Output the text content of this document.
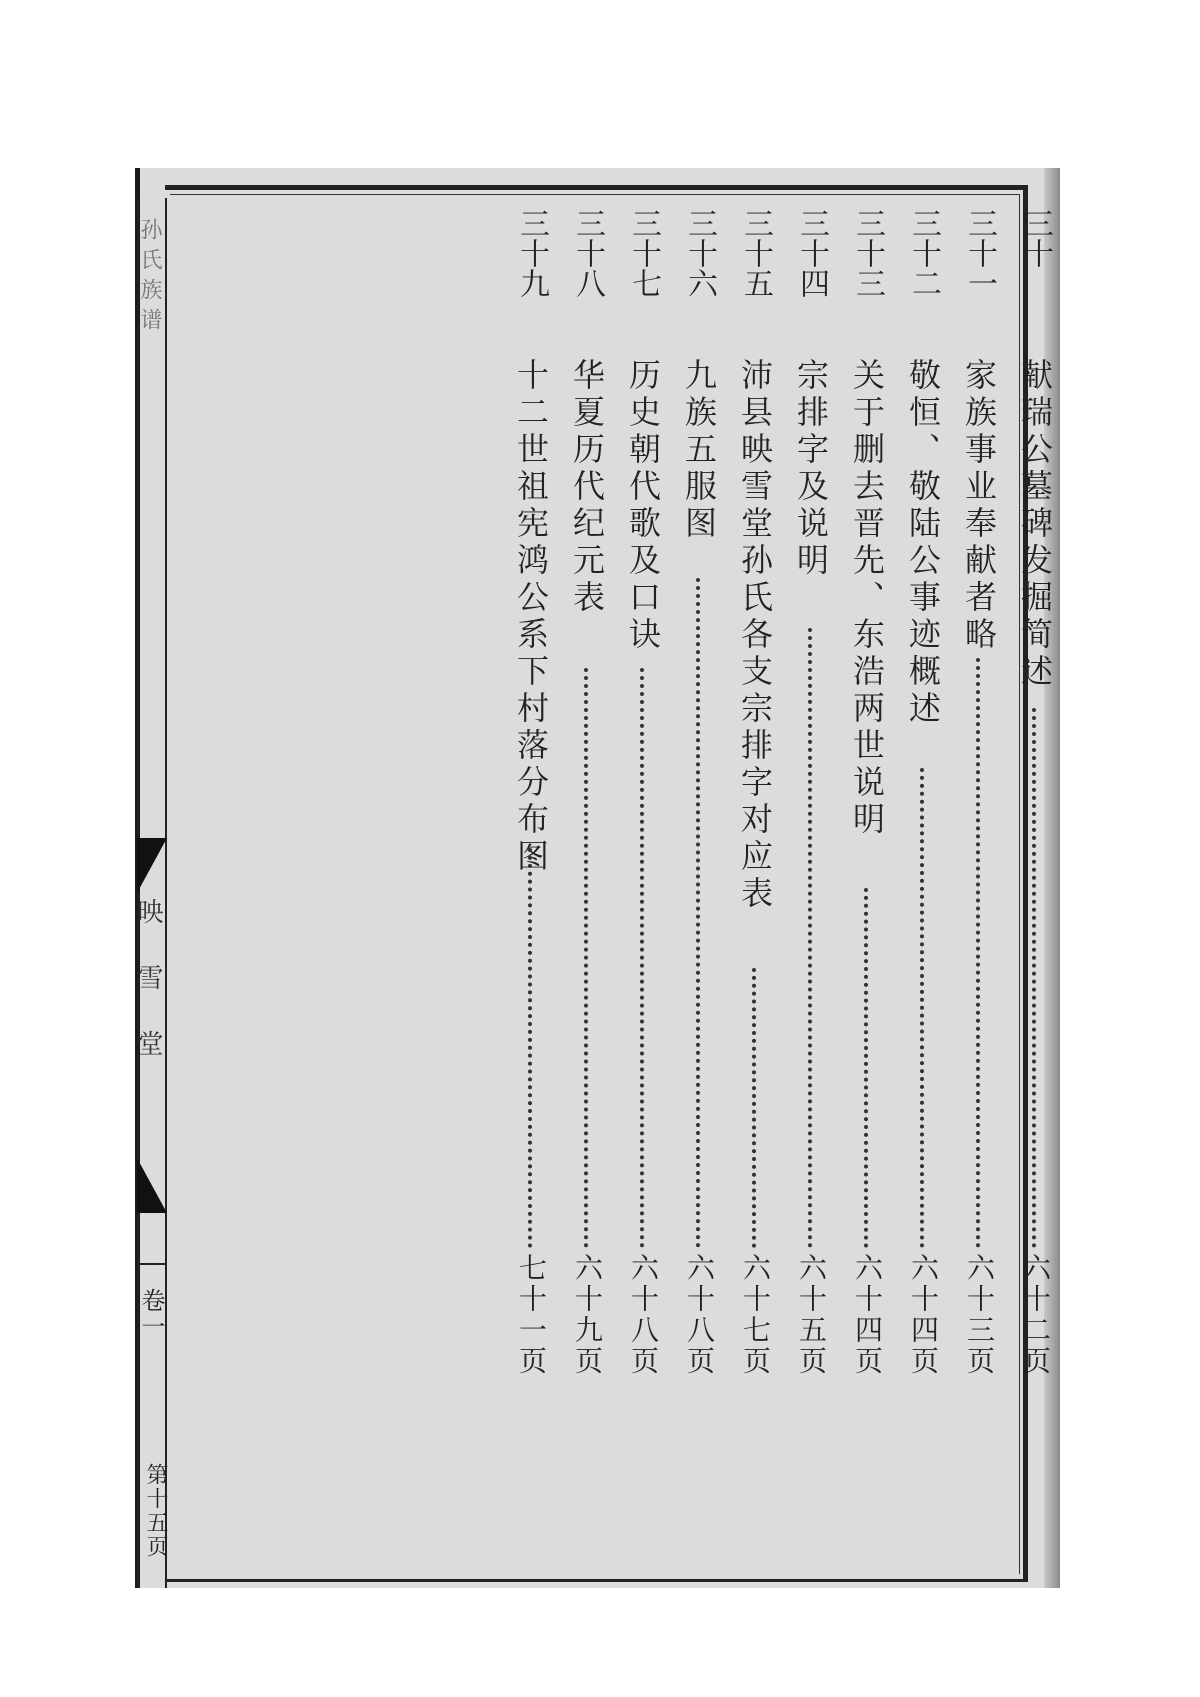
孙氏族谱
映雪堂
卷一
第十五页
三十
献瑞公墓碑发掘简述
六十二页
三十一
家族事业奉献者略
六十三页
三十二
敬恒、敬陆公事迹概述
六十四页
三十三
关于删去晋先、东浩两世说明
六十四页
三十四
宗排字及说明
六十五页
三十五
沛县映雪堂孙氏各支宗排字对应表
六十七页
三十六
九族五服图
六十八页
三十七
历史朝代歌及口诀
六十八页
三十八
华夏历代纪元表
六十九页
三十九
十二世祖宪鸿公系下村落分布图
七十一页
